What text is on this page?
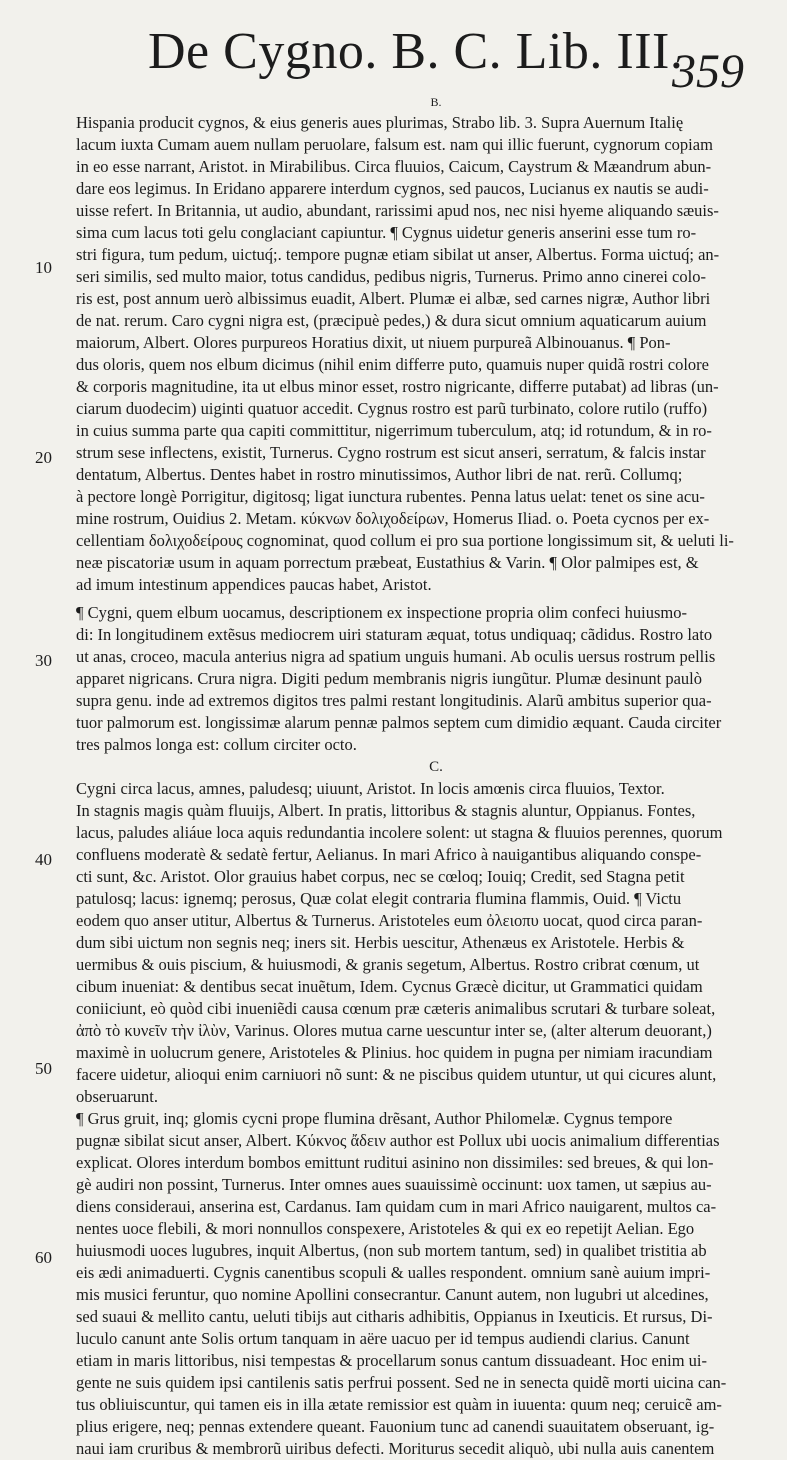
De Cygno. B. C. Lib. III.
359
10
20
30
40
50
60
B.
Hispania producit cygnos, & eius generis aues plurimas, Strabo lib. 3. Supra Auernum Italię
lacum iuxta Cumam auem nullam peruolare, falsum est. nam qui illic fuerunt, cygnorum copiam
in eo esse narrant, Aristot. in Mirabilibus. Circa fluuios, Caicum, Caystrum & Mæandrum abun-
dare eos legimus. In Eridano apparere interdum cygnos, sed paucos, Lucianus ex nautis se audi-
uisse refert. In Britannia, ut audio, abundant, rarissimi apud nos, nec nisi hyeme aliquando sæuis-
sima cum lacus toti gelu conglaciant capiuntur. ¶ Cygnus uidetur generis anserini esse tum ro-
stri figura, tum pedum, uictuq́;. tempore pugnæ etiam sibilat ut anser, Albertus. Forma uictuq́; an-
seri similis, sed multo maior, totus candidus, pedibus nigris, Turnerus. Primo anno cinerei colo-
ris est, post annum uerò albissimus euadit, Albert. Plumæ ei albæ, sed carnes nigræ, Author libri
de nat. rerum. Caro cygni nigra est, (præcipuè pedes,) & dura sicut omnium aquaticarum auium
maiorum, Albert. Olores purpureos Horatius dixit, ut niuem purpureã Albinouanus. ¶ Pon-
dus oloris, quem nos elbum dicimus (nihil enim differre puto, quamuis nuper quidã rostri colore
& corporis magnitudine, ita ut elbus minor esset, rostro nigricante, differre putabat) ad libras (un-
ciarum duodecim) uiginti quatuor accedit. Cygnus rostro est parũ turbinato, colore rutilo (ruffo)
in cuius summa parte qua capiti committitur, nigerrimum tuberculum, atq; id rotundum, & in ro-
strum sese inflectens, existit, Turnerus. Cygno rostrum est sicut anseri, serratum, & falcis instar
dentatum, Albertus. Dentes habet in rostro minutissimos, Author libri de nat. rerũ. Collumq;
à pectore longè Porrigitur, digitosq; ligat iunctura rubentes. Penna latus uelat: tenet os sine acu-
mine rostrum, Ouidius 2. Metam. κύκνων δολιχοδείρων, Homerus Iliad. o. Poeta cycnos per ex-
cellentiam δολιχοδείρους cognominat, quod collum ei pro sua portione longissimum sit, & ueluti li-
neæ piscatoriæ usum in aquam porrectum præbeat, Eustathius & Varin. ¶ Olor palmipes est, &
ad imum intestinum appendices paucas habet, Aristot.
¶ Cygni, quem elbum uocamus, descriptionem ex inspectione propria olim confeci huiusmo-
di: In longitudinem extẽsus mediocrem uiri staturam æquat, totus undiquaq; cãdidus. Rostro lato
ut anas, croceo, macula anterius nigra ad spatium unguis humani. Ab oculis uersus rostrum pellis
apparet nigricans. Crura nigra. Digiti pedum membranis nigris iungũtur. Plumæ desinunt paulò
supra genu. inde ad extremos digitos tres palmi restant longitudinis. Alarũ ambitus superior qua-
tuor palmorum est. longissimæ alarum pennæ palmos septem cum dimidio æquant. Cauda circiter
tres palmos longa est: collum circiter octo.
C.
Cygni circa lacus, amnes, paludesq; uiuunt, Aristot. In locis amœnis circa fluuios, Textor.
In stagnis magis quàm fluuijs, Albert. In pratis, littoribus & stagnis aluntur, Oppianus. Fontes,
lacus, paludes aliáue loca aquis redundantia incolere solent: ut stagna & fluuios perennes, quorum
confluens moderatè & sedatè fertur, Aelianus. In mari Africo à nauigantibus aliquando conspe-
cti sunt, &c. Aristot. Olor grauius habet corpus, nec se cœloq; Iouiq; Credit, sed Stagna petit
patulosq; lacus: ignemq; perosus, Quæ colat elegit contraria flumina flammis, Ouid. ¶ Victu
eodem quo anser utitur, Albertus & Turnerus. Aristoteles eum ὀλειοπυ uocat, quod circa paran-
dum sibi uictum non segnis neq; iners sit. Herbis uescitur, Athenæus ex Aristotele. Herbis &
uermibus & ouis piscium, & huiusmodi, & granis segetum, Albertus. Rostro cribrat cœnum, ut
cibum inueniat: & dentibus secat inuẽtum, Idem. Cycnus Græcè dicitur, ut Grammatici quidam
coniiciunt, eò quòd cibi inueniẽdi causa cœnum præ cæteris animalibus scrutari & turbare soleat,
ἀπὸ τὸ κυνεῖν τὴν ἰλὺν, Varinus. Olores mutua carne uescuntur inter se, (alter alterum deuorant,)
maximè in uolucrum genere, Aristoteles & Plinius. hoc quidem in pugna per nimiam iracundiam
facere uidetur, alioqui enim carniuori nõ sunt: & ne piscibus quidem utuntur, ut qui cicures alunt,
obseruarunt.
¶ Grus gruit, inq; glomis cycni prope flumina drẽsant, Author Philomelæ. Cygnus tempore
pugnæ sibilat sicut anser, Albert. Κύκνος ἄδειν author est Pollux ubi uocis animalium differentias
explicat. Olores interdum bombos emittunt ruditui asinino non dissimiles: sed breues, & qui lon-
gè audiri non possint, Turnerus. Inter omnes aues suauissimè occinunt: uox tamen, ut sæpius au-
diens consideraui, anserina est, Cardanus. Iam quidam cum in mari Africo nauigarent, multos ca-
nentes uoce flebili, & mori nonnullos conspexere, Aristoteles & qui ex eo repetijt Aelian. Ego
huiusmodi uoces lugubres, inquit Albertus, (non sub mortem tantum, sed) in qualibet tristitia ab
eis ædi animaduerti. Cygnis canentibus scopuli & ualles respondent. omnium sanè auium impri-
mis musici feruntur, quo nomine Apollini consecrantur. Canunt autem, non lugubri ut alcedines,
sed suaui & mellito cantu, ueluti tibijs aut citharis adhibitis, Oppianus in Ixeuticis. Et rursus, Di-
luculo canunt ante Solis ortum tanquam in aëre uacuo per id tempus audiendi clarius. Canunt
etiam in maris littoribus, nisi tempestas & procellarum sonus cantum dissuadeant. Hoc enim ui-
gente ne suis quidem ipsi cantilenis satis perfrui possent. Sed ne in senecta quidẽ morti uicina can-
tus obliuiscuntur, qui tamen eis in illa ætate remissior est quàm in iuuenta: quum neq; ceruicẽ am-
plius erigere, neq; pennas extendere queant. Fauonium tunc ad canendi suauitatem obseruant, ig-
naui iam cruribus & membrorũ uiribus defecti. Moriturus secedit aliquò, ubi nulla auis canentem
